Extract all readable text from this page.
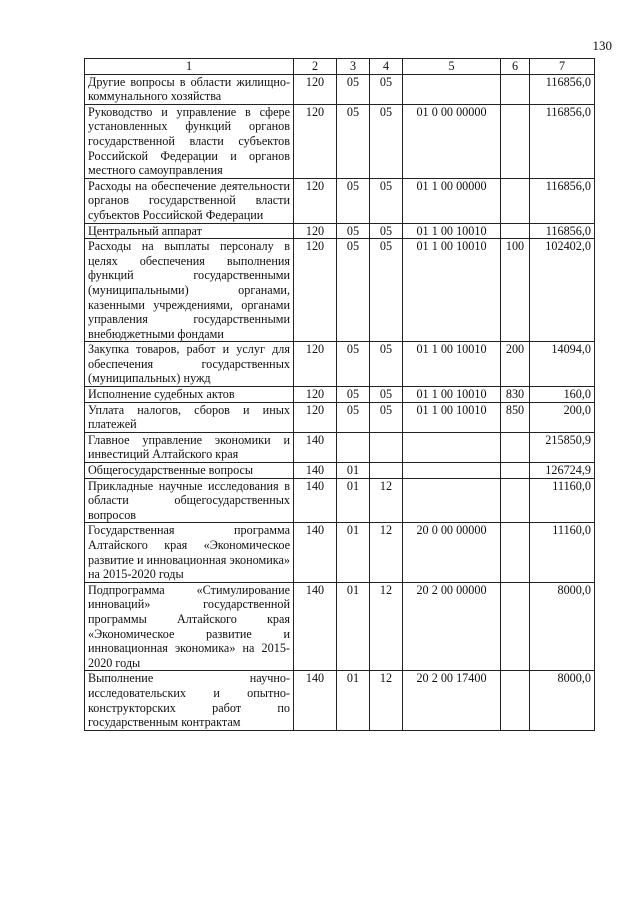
130
1	2	3	4	5	6	7
Другие вопросы в области жилищно-коммунального хозяйства	120	05	05			116856,0
Руководство и управление в сфере установленных функций органов государственной власти субъектов Российской Федерации и органов местного самоуправления	120	05	05	01 0 00 00000		116856,0
Расходы на обеспечение деятельности органов государственной власти субъектов Российской Федерации	120	05	05	01 1 00 00000		116856,0
Центральный аппарат	120	05	05	01 1 00 10010		116856,0
Расходы на выплаты персоналу в целях обеспечения выполнения функций государственными (муниципальными) органами, казенными учреждениями, органами управления государственными внебюджетными фондами	120	05	05	01 1 00 10010	100	102402,0
Закупка товаров, работ и услуг для обеспечения государственных (муниципальных) нужд	120	05	05	01 1 00 10010	200	14094,0
Исполнение судебных актов	120	05	05	01 1 00 10010	830	160,0
Уплата налогов, сборов и иных платежей	120	05	05	01 1 00 10010	850	200,0
Главное управление экономики и инвестиций Алтайского края	140					215850,9
Общегосударственные вопросы	140	01				126724,9
Прикладные научные исследования в области общегосударственных вопросов	140	01	12			11160,0
Государственная программа Алтайского края «Экономическое развитие и инновационная экономика» на 2015-2020 годы	140	01	12	20 0 00 00000		11160,0
Подпрограмма «Стимулирование инноваций» государственной программы Алтайского края «Экономическое развитие и инновационная экономика» на 2015-2020 годы	140	01	12	20 2 00 00000		8000,0
Выполнение научно-исследовательских и опытно-конструкторских работ по государственным контрактам	140	01	12	20 2 00 17400		8000,0
